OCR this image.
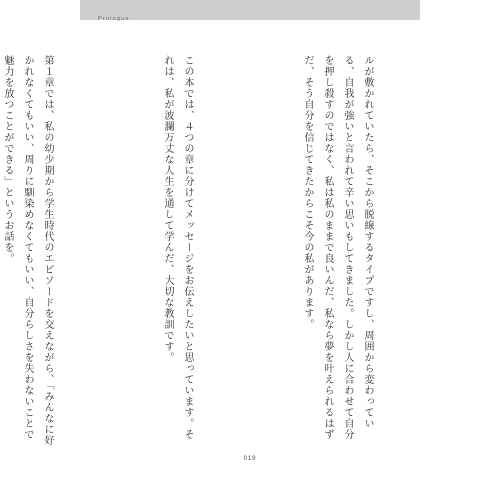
Prologue

ルが敷かれていたら、そこから脱線するタイプですし、周囲から変わっている、自我が強いと言われて辛い思いもしてきました。しかし人に合わせて自分を押し殺すのではなく、私は私のままで良いんだ、私なら夢を叶えられるはずだ、そう自分を信じてきたからこそ今の私があります。

この本では、４つの章に分けてメッセージをお伝えしたいと思っています。それは、私が波瀾万丈な人生を通して学んだ、大切な教訓です。

第１章では、私の幼少期から学生時代のエピソードを交えながら、「みんなに好かれなくてもいい、周りに馴染めなくてもいい、自分らしさを失わないことで魅力を放つことができる」というお話を。

019
